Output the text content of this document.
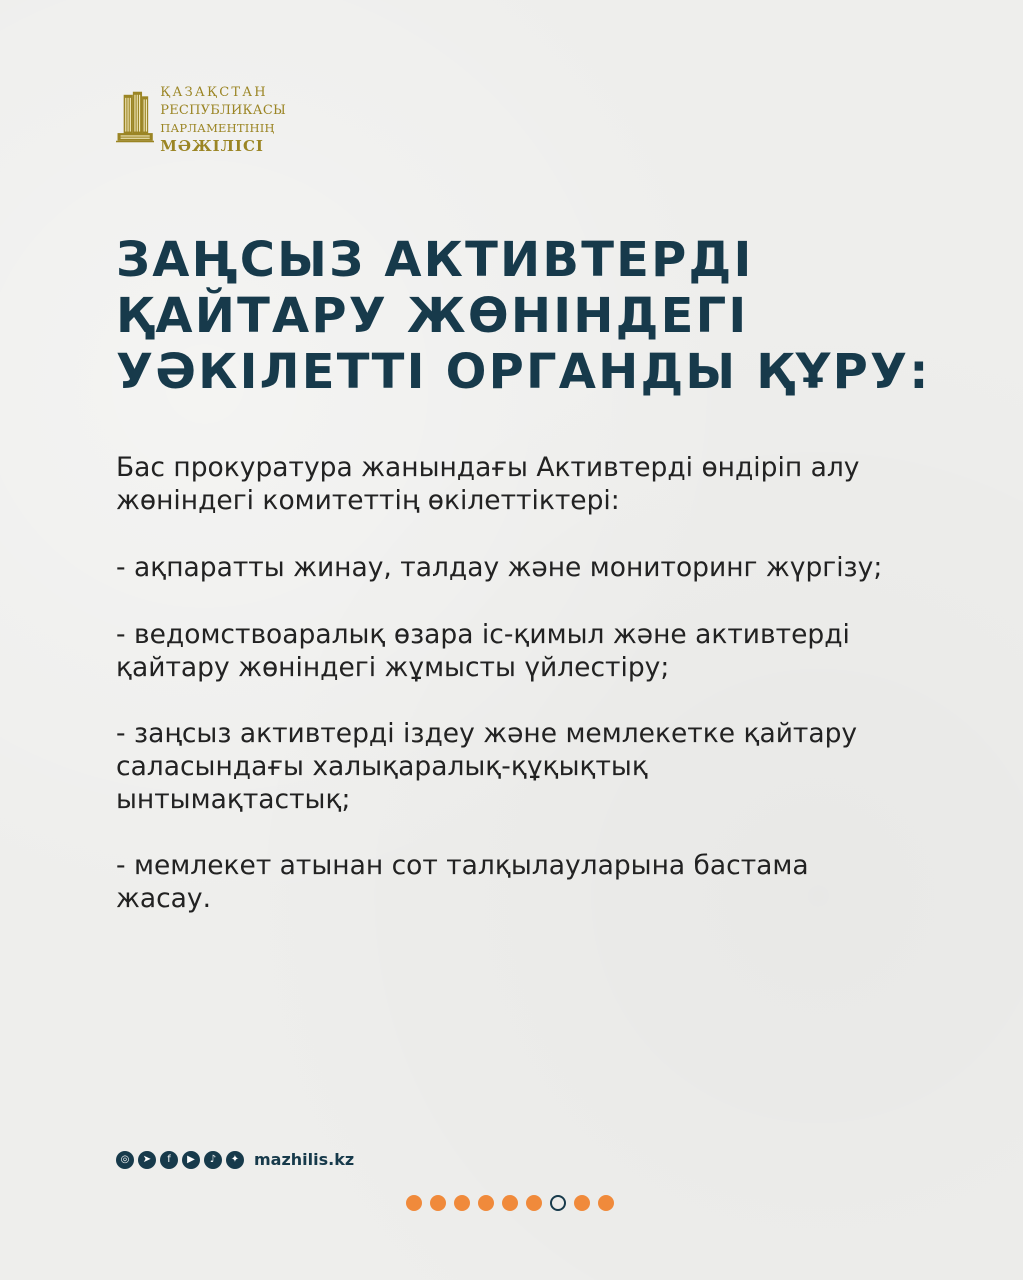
ҚАЗАҚСТАН
РЕСПУБЛИКАСЫ
ПАРЛАМЕНТІНІҢ
МӘЖІЛІСІ
ЗАҢСЫЗ АКТИВТЕРДІ
ҚАЙТАРУ ЖӨНІНДЕГІ
УӘКІЛЕТТІ ОРГАНДЫ ҚҰРУ:
Бас прокуратура жанындағы Активтерді өндіріп алу
жөніндегі комитеттің өкілеттіктері:
- ақпаратты жинау, талдау және мониторинг жүргізу;
- ведомствоаралық өзара іс-қимыл және активтерді
қайтару жөніндегі жұмысты үйлестіру;
- заңсыз активтерді іздеу және мемлекетке қайтару
саласындағы халықаралық-құқықтық
ынтымақтастық;
- мемлекет атынан сот талқылауларына бастама
жасау.
◎	➤	f	▶	♪	✦ mazhilis.kz
